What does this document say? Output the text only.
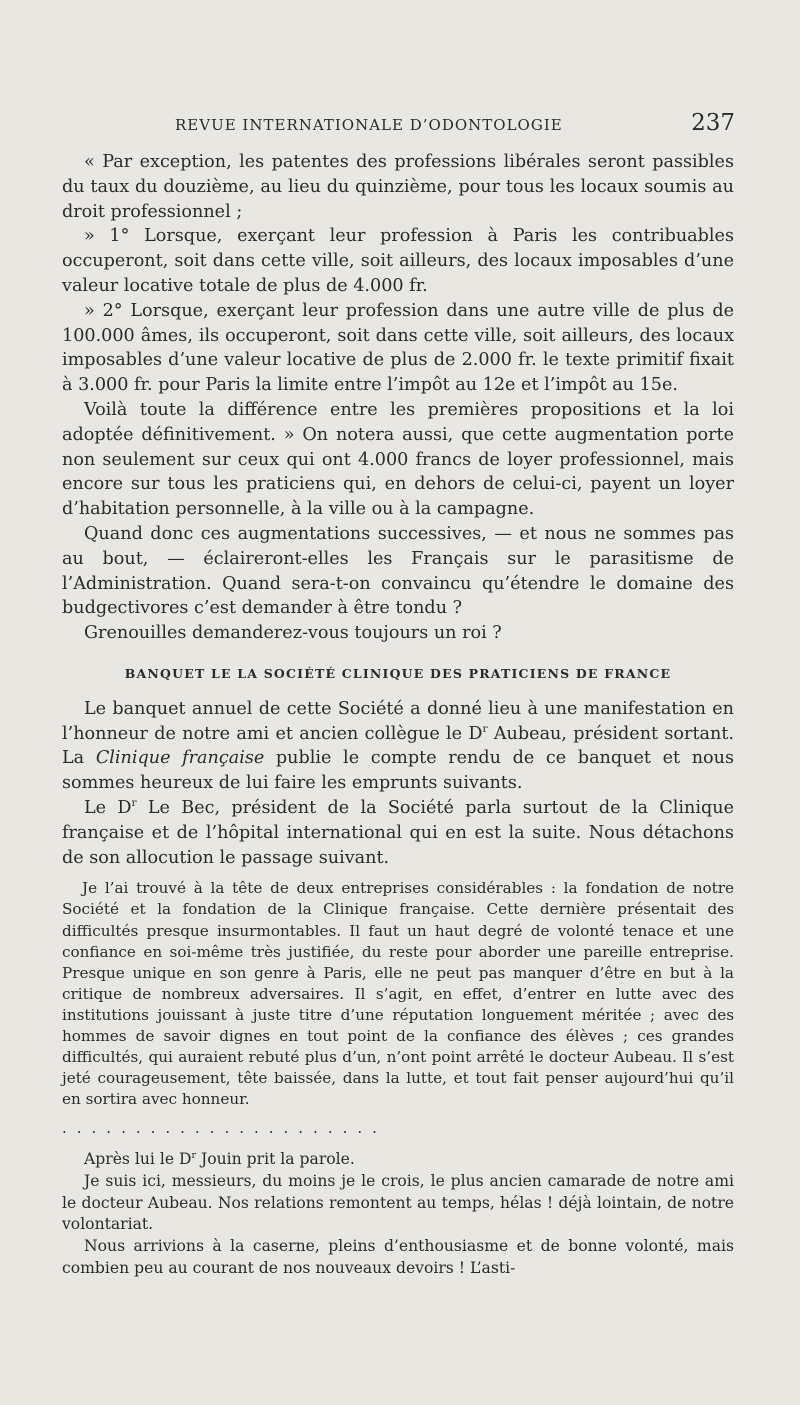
REVUE INTERNATIONALE D’ODONTOLOGIE	237

« Par exception, les patentes des professions libérales seront passibles du taux du douzième, au lieu du quinzième, pour tous les locaux soumis au droit professionnel ;

» 1° Lorsque, exerçant leur profession à Paris les contribuables occuperont, soit dans cette ville, soit ailleurs, des locaux imposables d’une valeur locative totale de plus de 4.000 fr.

» 2° Lorsque, exerçant leur profession dans une autre ville de plus de 100.000 âmes, ils occuperont, soit dans cette ville, soit ailleurs, des locaux imposables d’une valeur locative de plus de 2.000 fr. le texte primitif fixait à 3.000 fr. pour Paris la limite entre l’impôt au 12e et l’impôt au 15e.

Voilà toute la différence entre les premières propositions et la loi adoptée définitivement. » On notera aussi, que cette augmentation porte non seulement sur ceux qui ont 4.000 francs de loyer professionnel, mais encore sur tous les praticiens qui, en dehors de celui-ci, payent un loyer d’habitation personnelle, à la ville ou à la campagne.

Quand donc ces augmentations successives, — et nous ne sommes pas au bout, — éclaireront-elles les Français sur le parasitisme de l’Administration. Quand sera-t-on convaincu qu’étendre le domaine des budgectivores c’est demander à être tondu ?

Grenouilles demanderez-vous toujours un roi ?

BANQUET LE LA SOCIÉTÉ CLINIQUE DES PRATICIENS DE FRANCE

Le banquet annuel de cette Société a donné lieu à une manifestation en l’honneur de notre ami et ancien collègue le $D^r$ Aubeau, président sortant. La Clinique française publie le compte rendu de ce banquet et nous sommes heureux de lui faire les emprunts suivants.

Le $D^r$ Le Bec, président de la Société parla surtout de la Clinique française et de l’hôpital international qui en est la suite. Nous détachons de son allocution le passage suivant.

Je l’ai trouvé à la tête de deux entreprises considérables : la fondation de notre Société et la fondation de la Clinique française. Cette dernière présentait des difficultés presque insurmontables. Il faut un haut degré de volonté tenace et une confiance en soi-même très justifiée, du reste pour aborder une pareille entreprise. Presque unique en son genre à Paris, elle ne peut pas manquer d’être en but à la critique de nombreux adversaires. Il s’agit, en effet, d’entrer en lutte avec des institutions jouissant à juste titre d’une réputation longuement méritée ; avec des hommes de savoir dignes en tout point de la confiance des élèves ; ces grandes difficultés, qui auraient rebuté plus d’un, n’ont point arrêté le docteur Aubeau. Il s’est jeté courageusement, tête baissée, dans la lutte, et tout fait penser aujourd’hui qu’il en sortira avec honneur.

......................

Après lui le $D^r$ Jouin prit la parole.

Je suis ici, messieurs, du moins je le crois, le plus ancien camarade de notre ami le docteur Aubeau. Nos relations remontent au temps, hélas ! déjà lointain, de notre volontariat.

Nous arrivions à la caserne, pleins d’enthousiasme et de bonne volonté, mais combien peu au courant de nos nouveaux devoirs ! L’asti-
